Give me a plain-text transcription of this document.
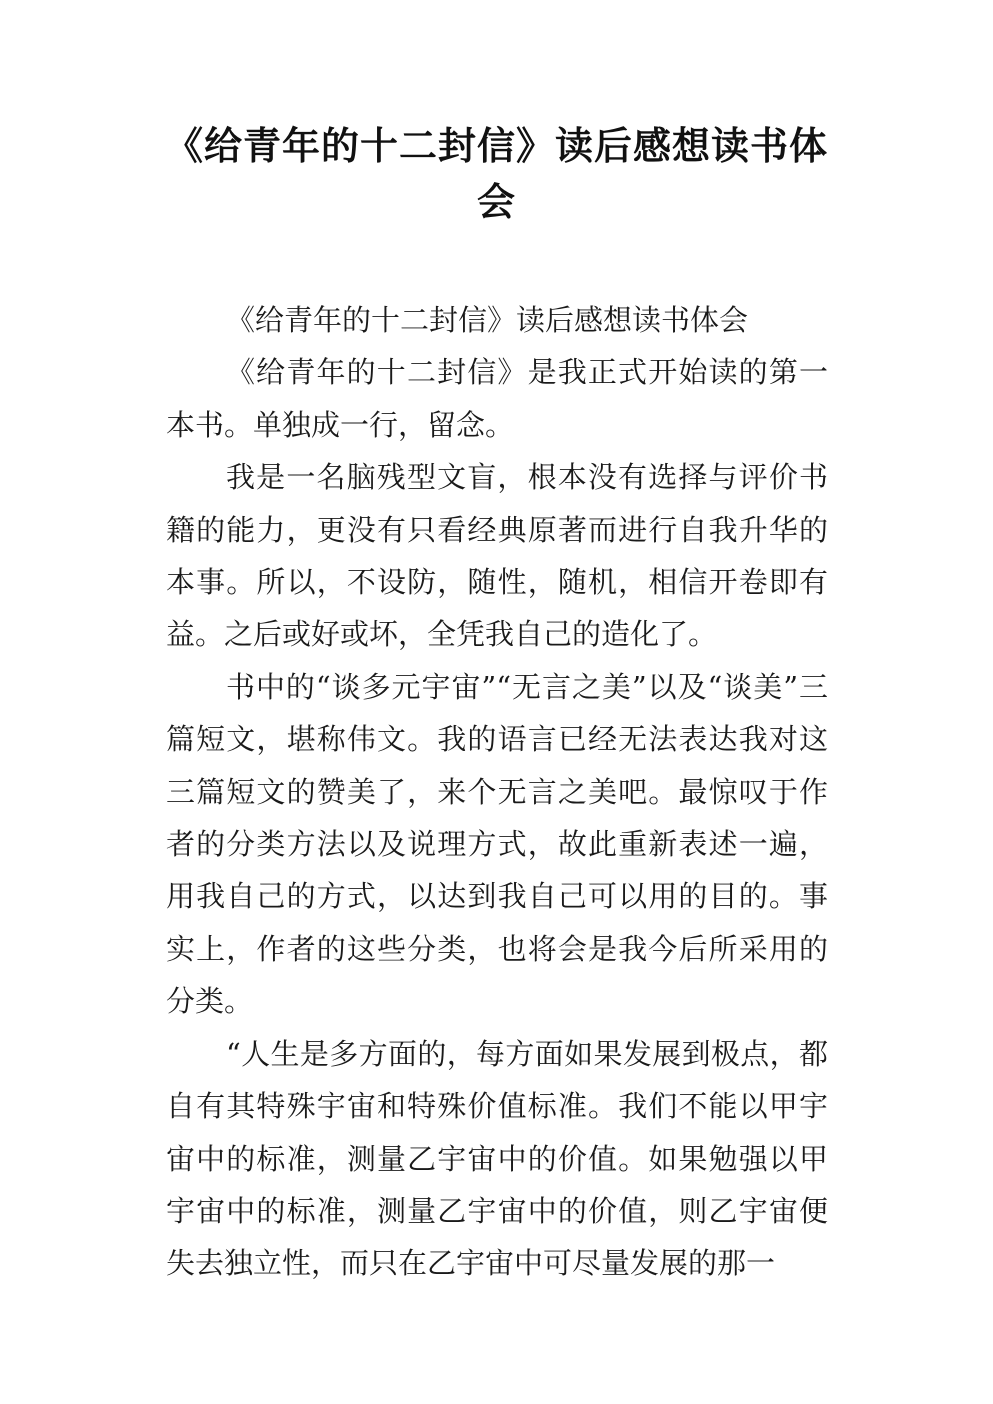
《给青年的十二封信》读后感想读书体会

《给青年的十二封信》读后感想读书体会

《给青年的十二封信》是我正式开始读的第一本书。单独成一行，留念。

我是一名脑残型文盲，根本没有选择与评价书籍的能力，更没有只看经典原著而进行自我升华的本事。所以，不设防，随性，随机，相信开卷即有益。之后或好或坏，全凭我自己的造化了。

书中的“谈多元宇宙”“无言之美”以及“谈美”三篇短文，堪称伟文。我的语言已经无法表达我对这三篇短文的赞美了，来个无言之美吧。最惊叹于作者的分类方法以及说理方式，故此重新表述一遍，用我自己的方式，以达到我自己可以用的目的。事实上，作者的这些分类，也将会是我今后所采用的分类。

“人生是多方面的，每方面如果发展到极点，都自有其特殊宇宙和特殊价值标准。我们不能以甲宇宙中的标准，测量乙宇宙中的价值。如果勉强以甲宇宙中的标准，测量乙宇宙中的价值，则乙宇宙便失去独立性，而只在乙宇宙中可尽量发展的那一
